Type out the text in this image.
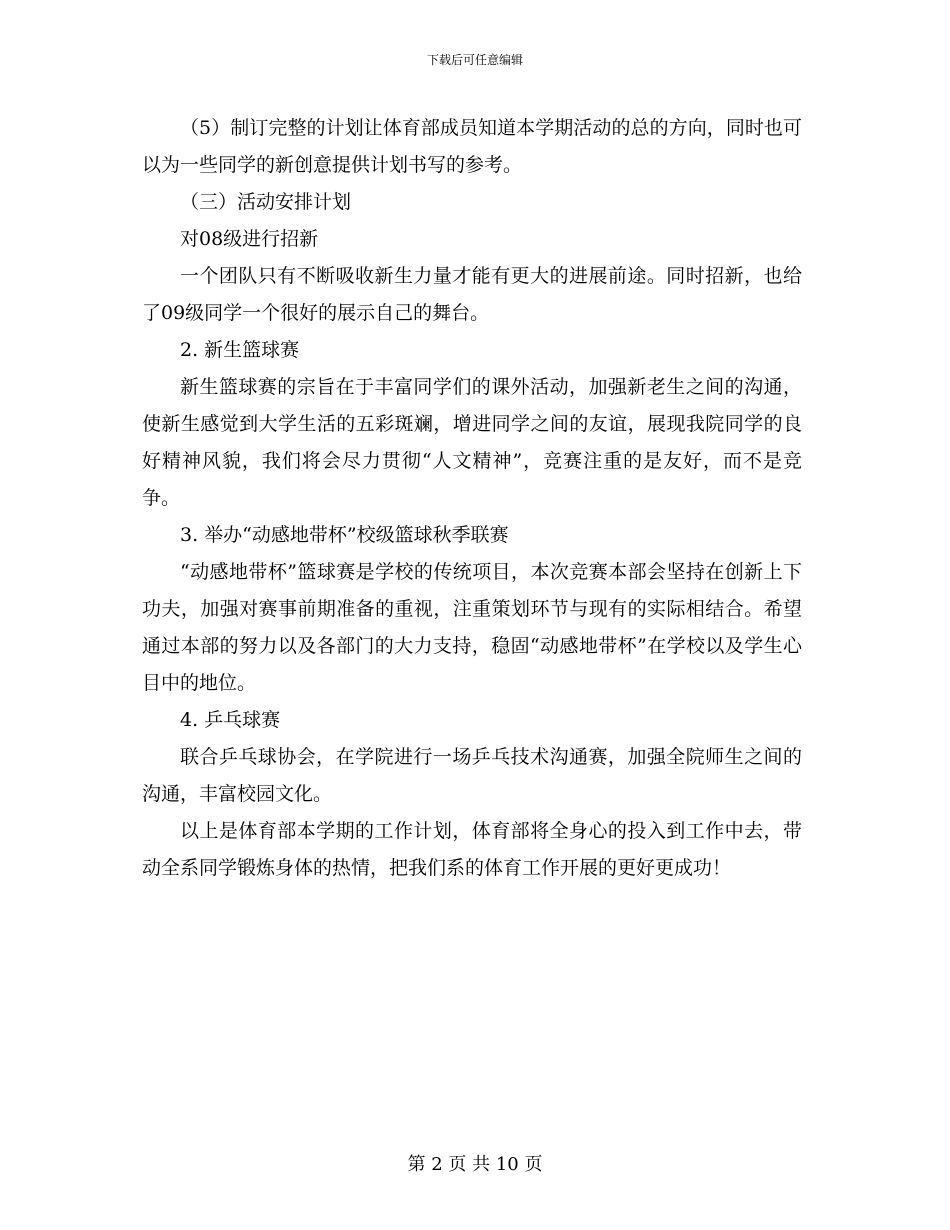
下载后可任意编辑

（5）制订完整的计划让体育部成员知道本学期活动的总的方向，同时也可以为一些同学的新创意提供计划书写的参考。

（三）活动安排计划

对08级进行招新

一个团队只有不断吸收新生力量才能有更大的进展前途。同时招新，也给了09级同学一个很好的展示自己的舞台。

2. 新生篮球赛

新生篮球赛的宗旨在于丰富同学们的课外活动，加强新老生之间的沟通，使新生感觉到大学生活的五彩斑斓，增进同学之间的友谊，展现我院同学的良好精神风貌，我们将会尽力贯彻“人文精神”，竞赛注重的是友好，而不是竞争。

3. 举办“动感地带杯”校级篮球秋季联赛

“动感地带杯”篮球赛是学校的传统项目，本次竞赛本部会坚持在创新上下功夫，加强对赛事前期准备的重视，注重策划环节与现有的实际相结合。希望通过本部的努力以及各部门的大力支持，稳固“动感地带杯”在学校以及学生心目中的地位。

4. 乒乓球赛

联合乒乓球协会，在学院进行一场乒乓技术沟通赛，加强全院师生之间的沟通，丰富校园文化。

以上是体育部本学期的工作计划，体育部将全身心的投入到工作中去，带动全系同学锻炼身体的热情，把我们系的体育工作开展的更好更成功！

第 2 页 共 10 页
